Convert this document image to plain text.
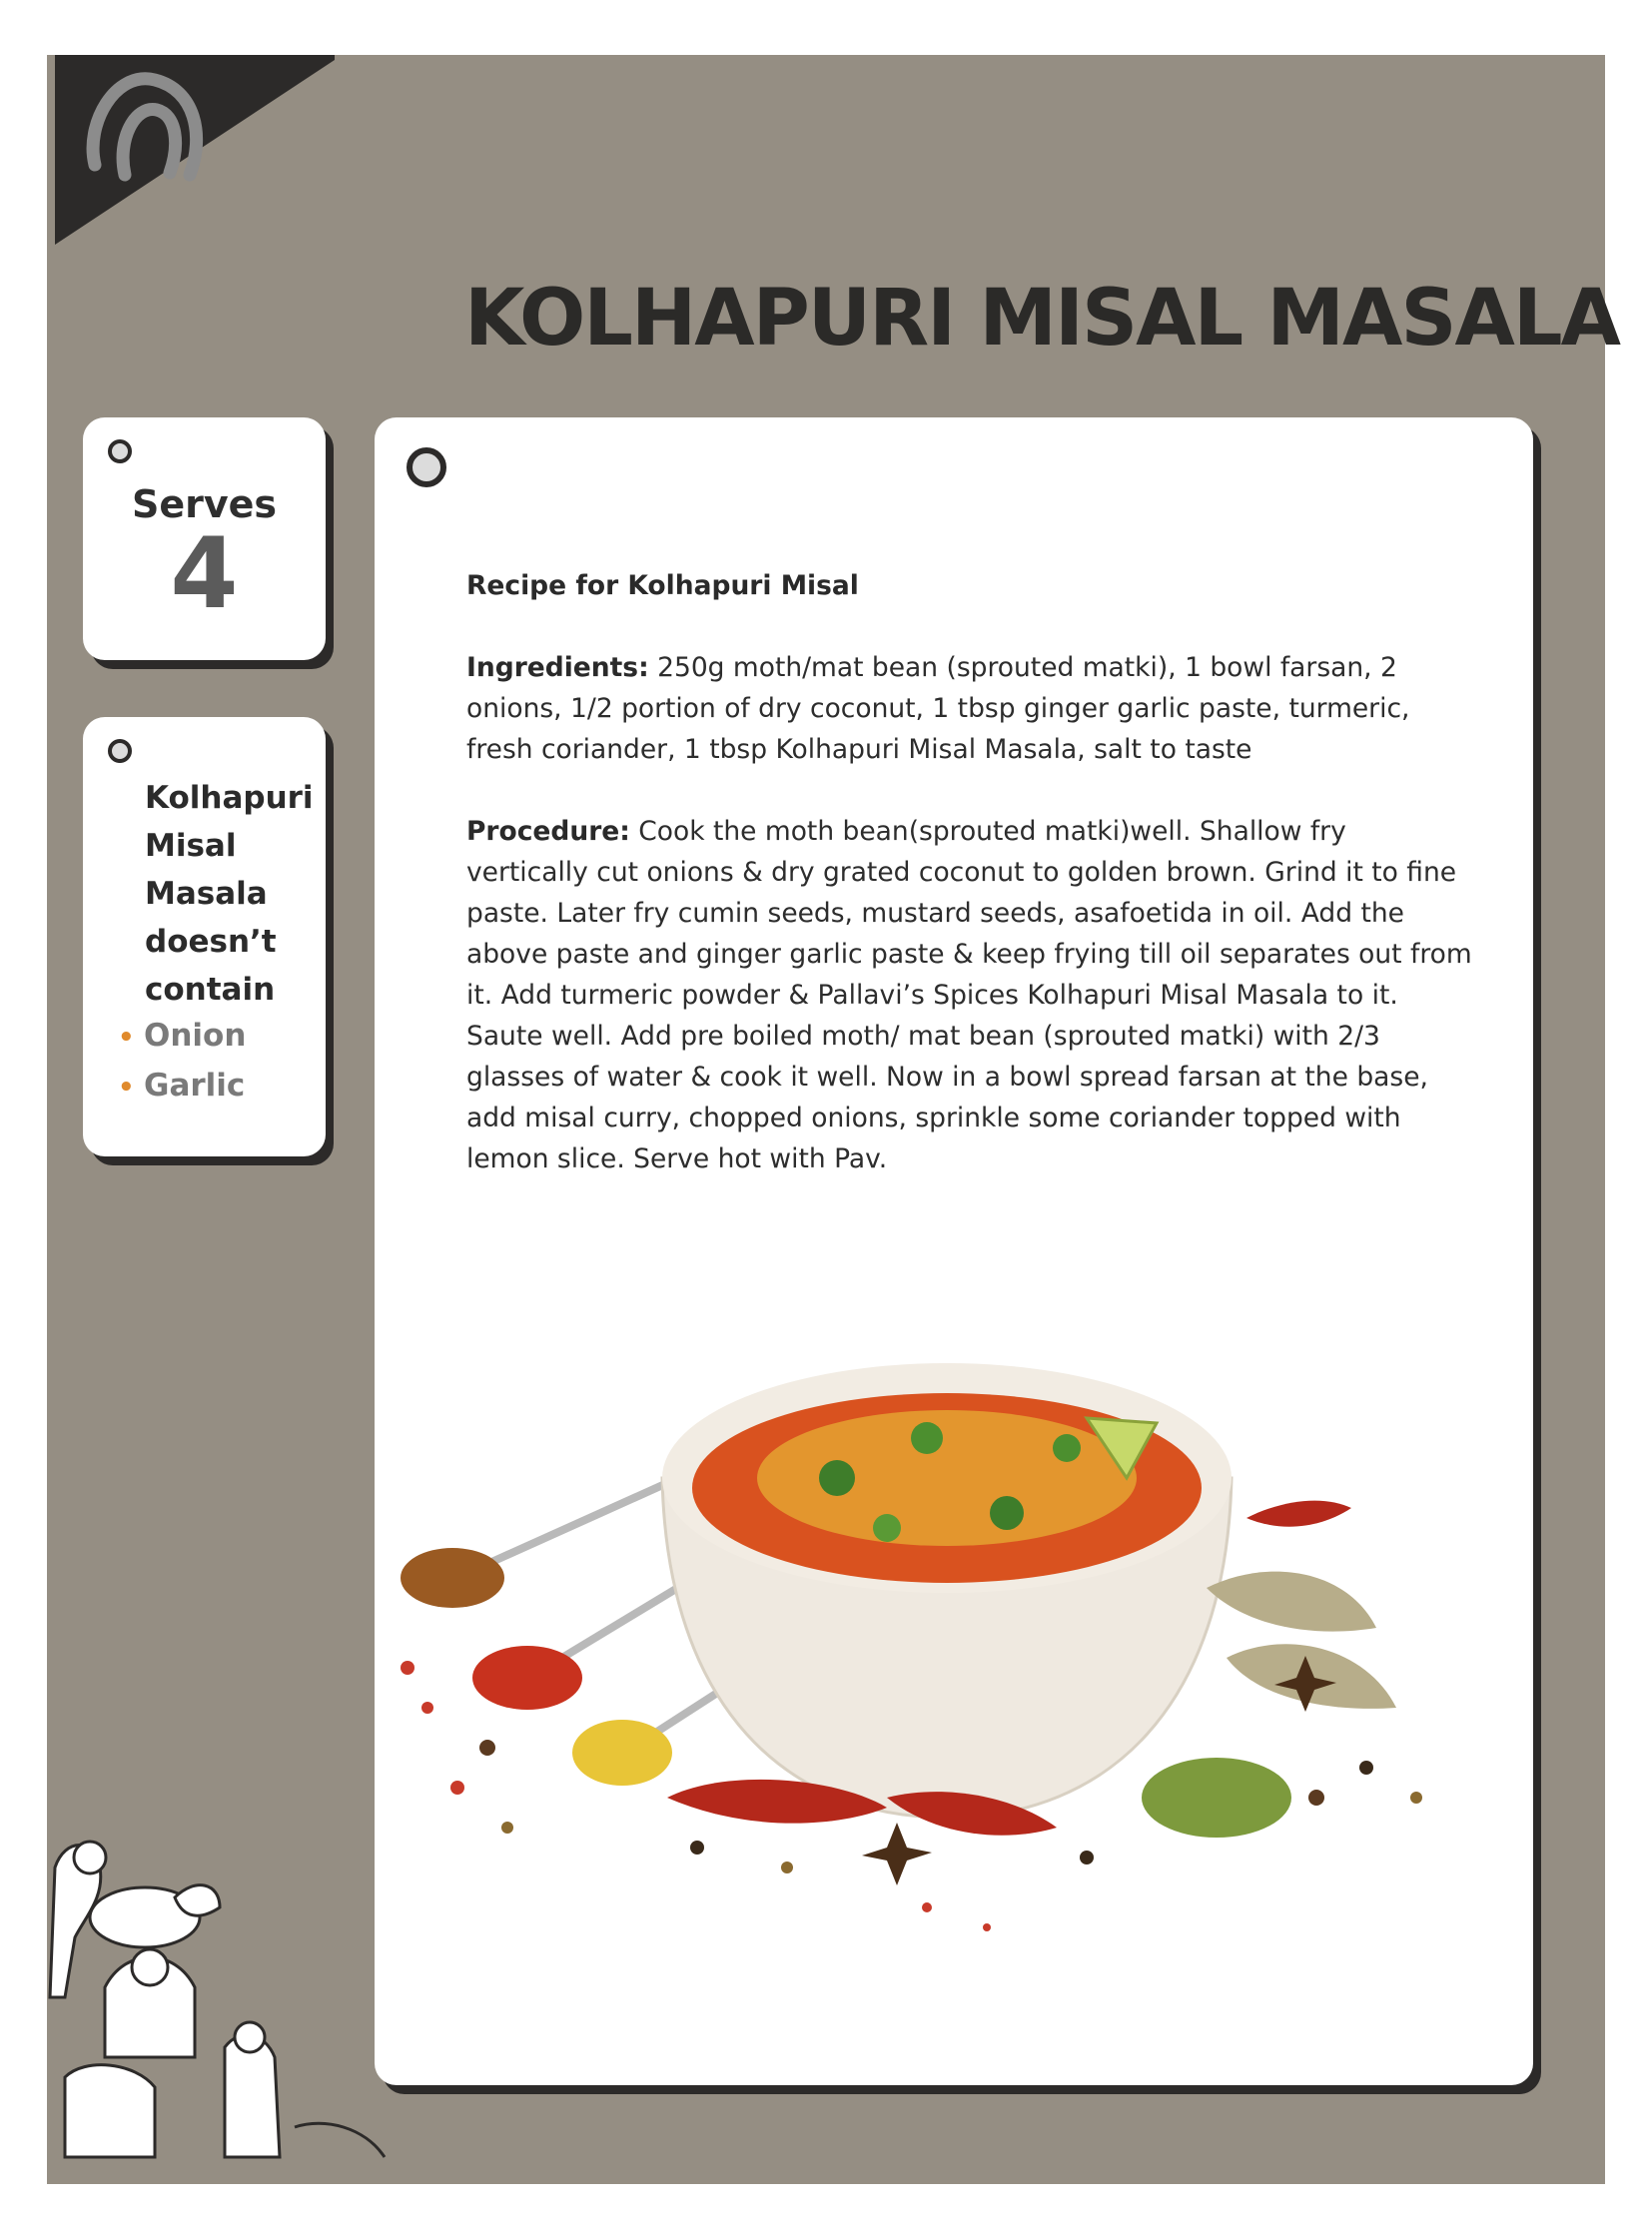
KOLHAPURI MISAL MASALA
Serves
4

Kolhapuri Misal Masala doesn’t contain

• Onion
• Garlic

Recipe for Kolhapuri Misal

Ingredients: 250g moth/mat bean (sprouted matki), 1 bowl farsan, 2 onions, 1/2 portion of dry coconut, 1 tbsp ginger garlic paste, turmeric, fresh coriander, 1 tbsp Kolhapuri Misal Masala, salt to taste

Procedure: Cook the moth bean(sprouted matki)well. Shallow fry vertically cut onions & dry grated coconut to golden brown. Grind it to fine paste. Later fry cumin seeds, mustard seeds, asafoetida in oil. Add the above paste and ginger garlic paste & keep frying till oil separates out from it. Add turmeric powder & Pallavi’s Spices Kolhapuri Misal Masala to it. Saute well. Add pre boiled moth/ mat bean (sprouted matki) with 2/3 glasses of water & cook it well. Now in a bowl spread farsan at the base, add misal curry, chopped onions, sprinkle some coriander topped with lemon slice. Serve hot with Pav.
